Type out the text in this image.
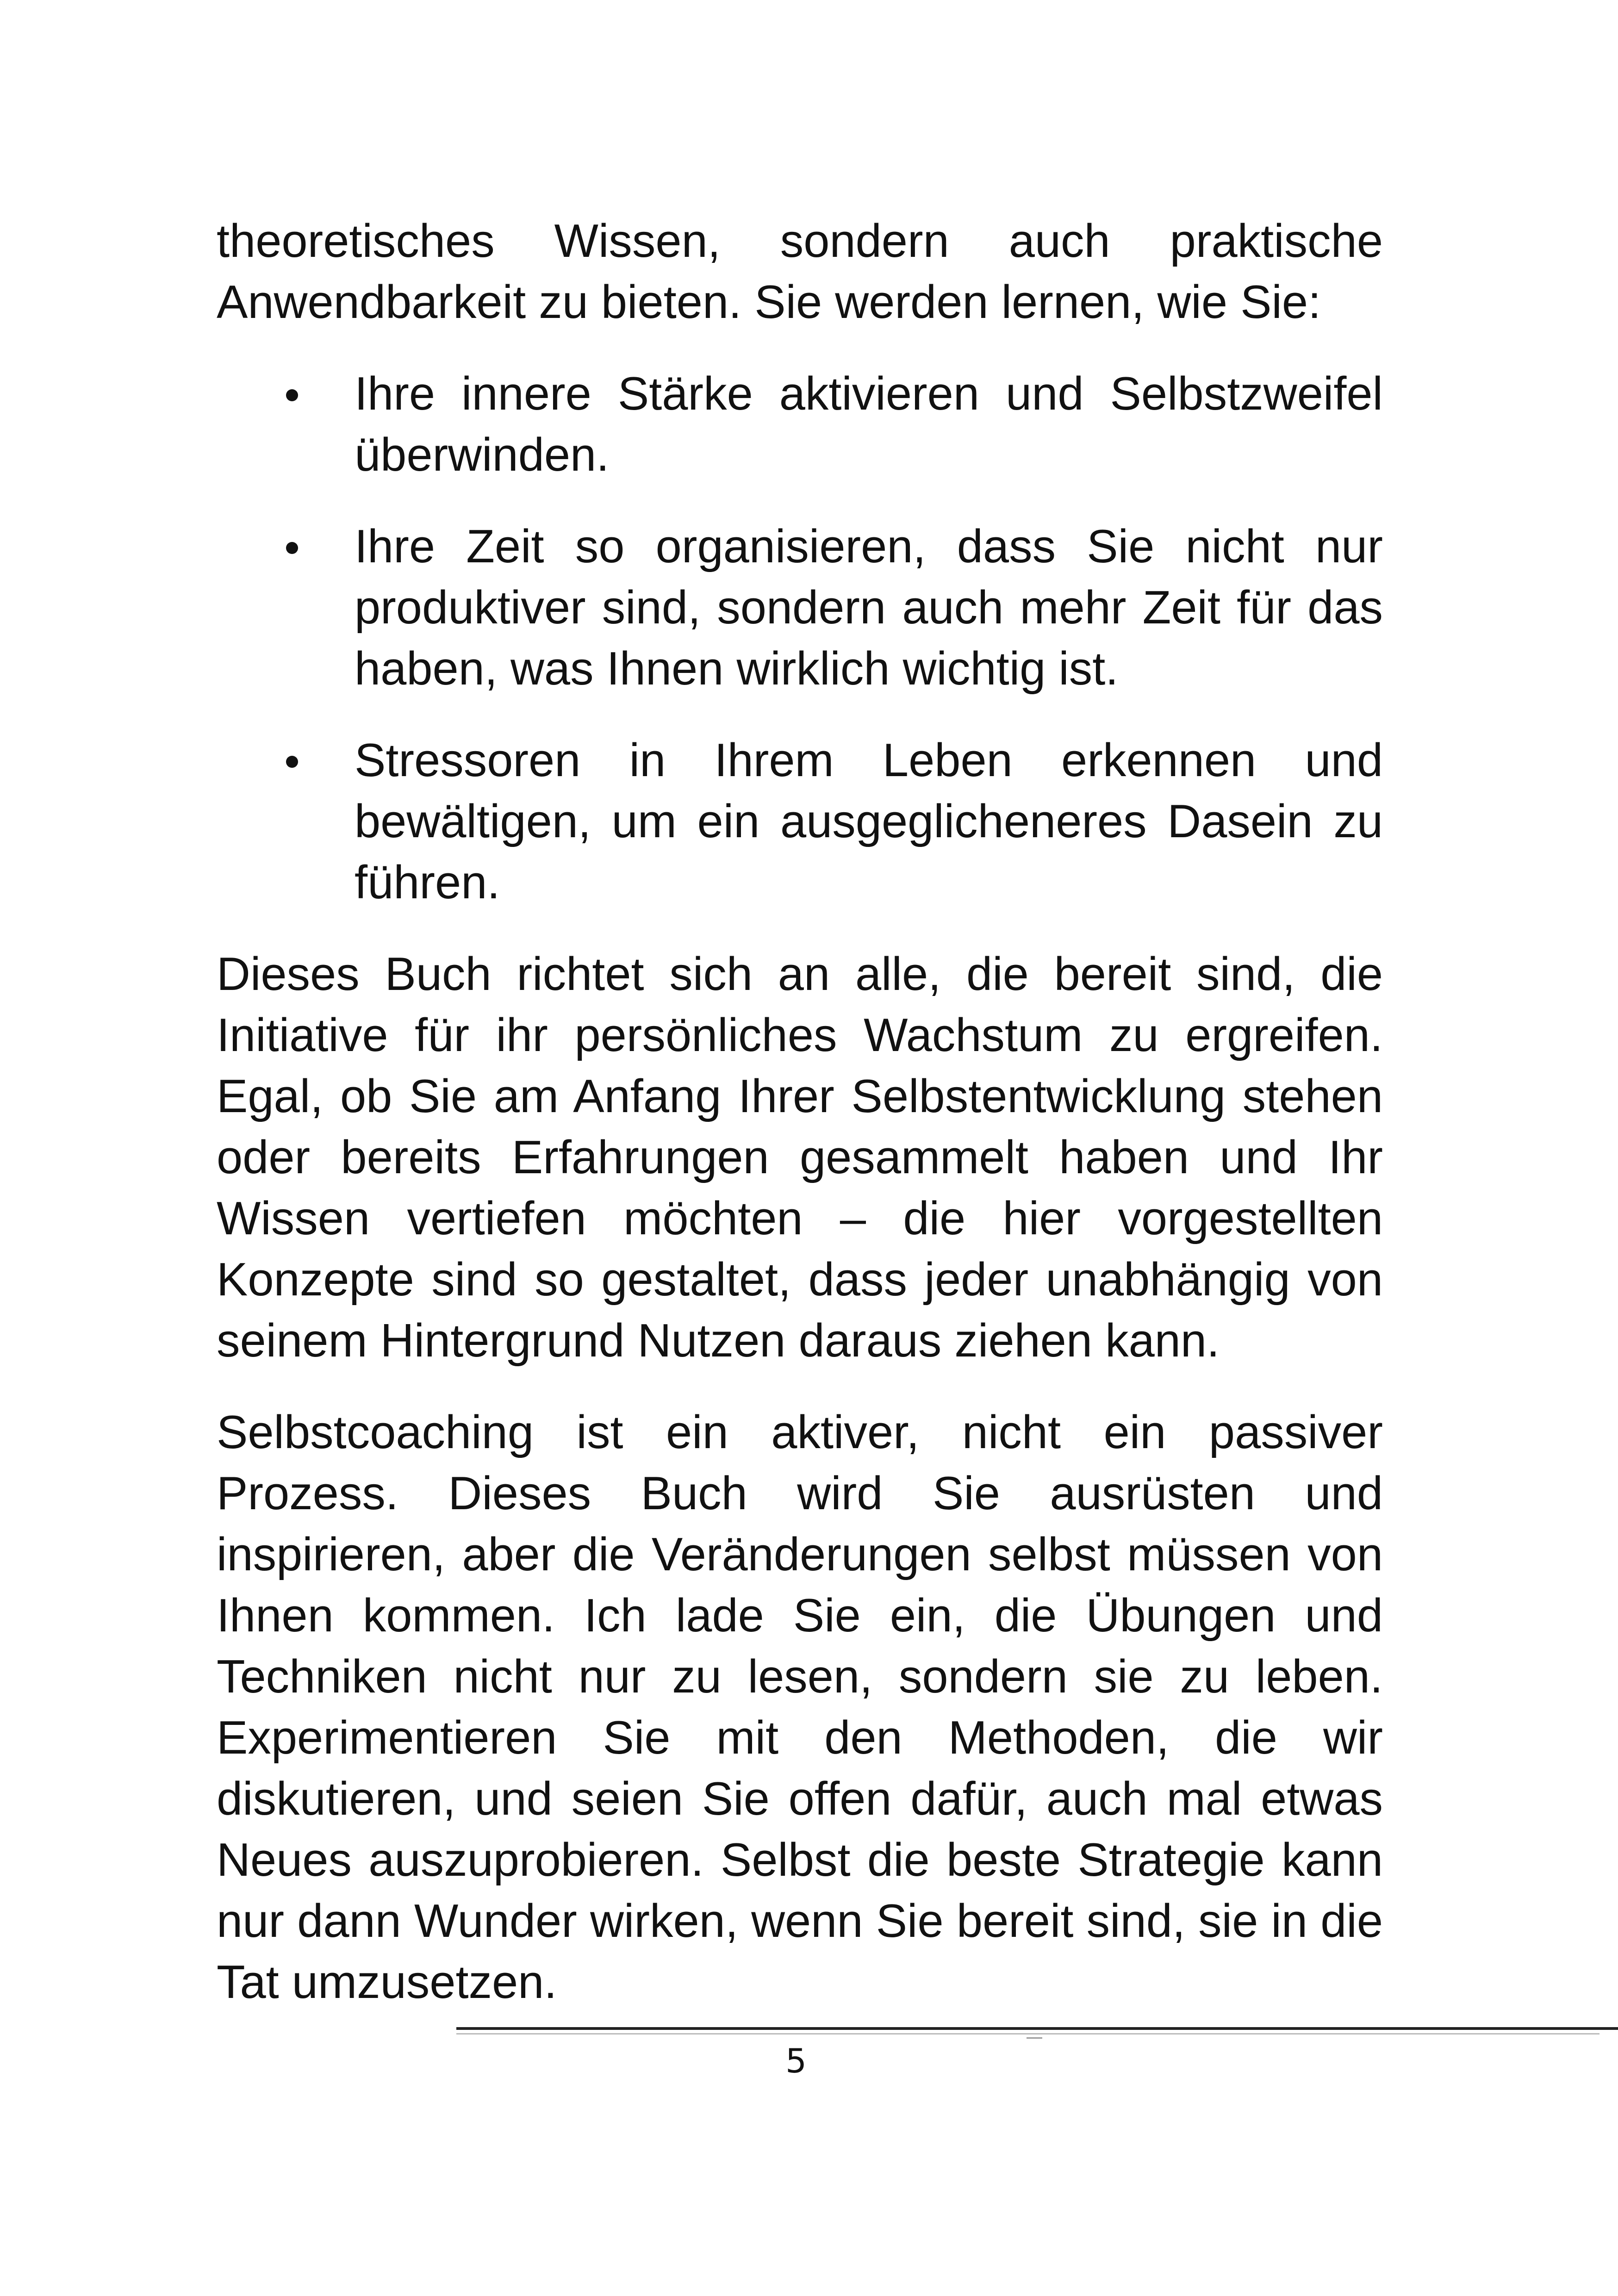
theoretisches Wissen, sondern auch praktische Anwendbarkeit zu bieten. Sie werden lernen, wie Sie:

Ihre innere Stärke aktivieren und Selbstzweifel überwinden.
Ihre Zeit so organisieren, dass Sie nicht nur produktiver sind, sondern auch mehr Zeit für das haben, was Ihnen wirklich wichtig ist.
Stressoren in Ihrem Leben erkennen und bewältigen, um ein ausgeglicheneres Dasein zu führen.

Dieses Buch richtet sich an alle, die bereit sind, die Initiative für ihr persönliches Wachstum zu ergreifen. Egal, ob Sie am Anfang Ihrer Selbstentwicklung stehen oder bereits Erfahrungen gesammelt haben und Ihr Wissen vertiefen möchten – die hier vorgestellten Konzepte sind so gestaltet, dass jeder unabhängig von seinem Hintergrund Nutzen daraus ziehen kann.

Selbstcoaching ist ein aktiver, nicht ein passiver Prozess. Dieses Buch wird Sie ausrüsten und inspirieren, aber die Veränderungen selbst müssen von Ihnen kommen. Ich lade Sie ein, die Übungen und Techniken nicht nur zu lesen, sondern sie zu leben. Experimentieren Sie mit den Methoden, die wir diskutieren, und seien Sie offen dafür, auch mal etwas Neues auszuprobieren. Selbst die beste Strategie kann nur dann Wunder wirken, wenn Sie bereit sind, sie in die Tat umzusetzen.

5
